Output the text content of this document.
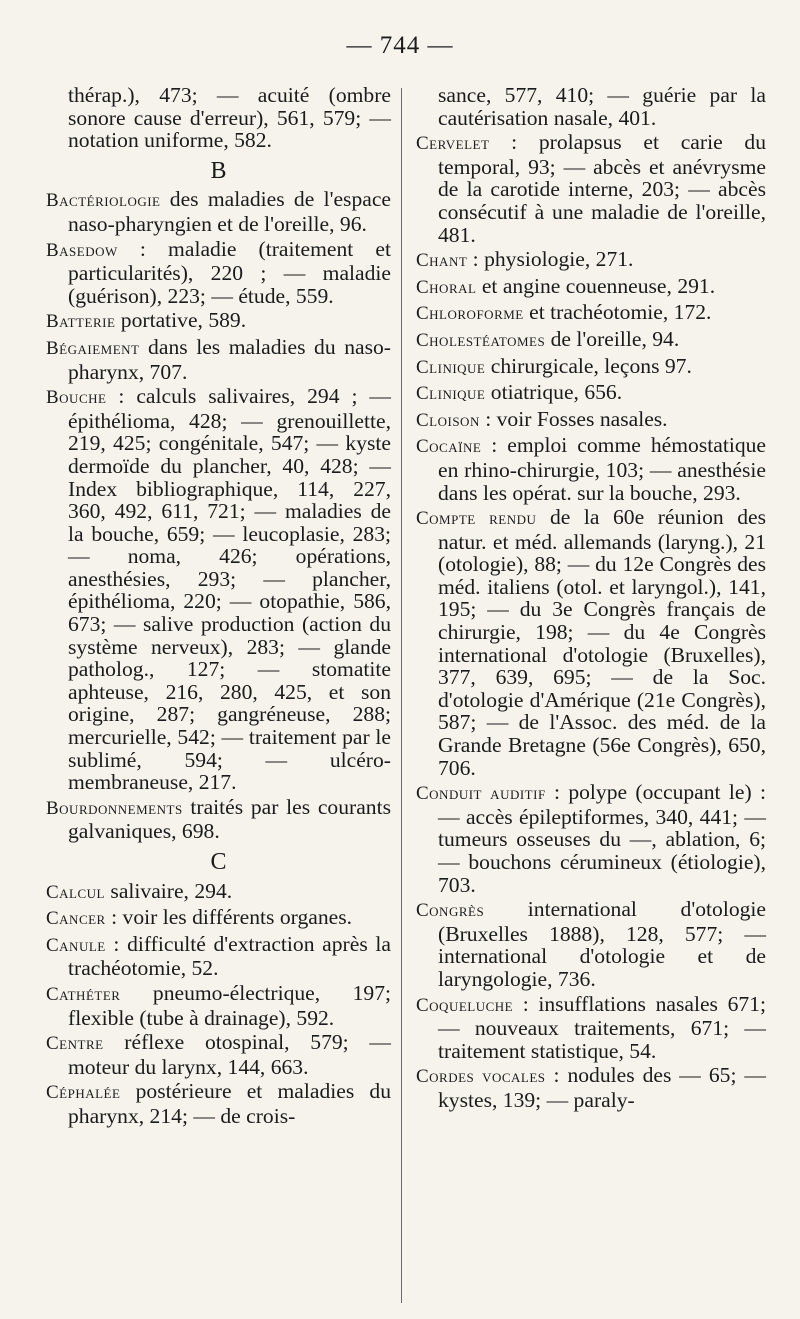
— 744 —
thérap.), 473; — acuité (ombre sonore cause d'erreur), 561, 579; — notation uniforme, 582.
B
Bactériologie des maladies de l'espace naso-pharyngien et de l'oreille, 96.
Basedow : maladie (traitement et particularités), 220 ; — maladie (guérison), 223; — étude, 559.
Batterie portative, 589.
Bégaiement dans les maladies du naso-pharynx, 707.
Bouche : calculs salivaires, 294 ; — épithélioma, 428; — grenouillette, 219, 425; congénitale, 547; — kyste dermoïde du plancher, 40, 428; — Index bibliographique, 114, 227, 360, 492, 611, 721; — maladies de la bouche, 659; — leucoplasie, 283; — noma, 426; opérations, anesthésies, 293; — plancher, épithélioma, 220; — otopathie, 586, 673; — salive production (action du système nerveux), 283; — glande patholog., 127; — stomatite aphteuse, 216, 280, 425, et son origine, 287; gangréneuse, 288; mercurielle, 542; — traitement par le sublimé, 594; — ulcéro-membraneuse, 217.
Bourdonnements traités par les courants galvaniques, 698.
C
Calcul salivaire, 294.
Cancer : voir les différents organes.
Canule : difficulté d'extraction après la trachéotomie, 52.
Cathéter pneumo-électrique, 197; flexible (tube à drainage), 592.
Centre réflexe otospinal, 579; — moteur du larynx, 144, 663.
Céphalée postérieure et maladies du pharynx, 214; — de crois-
sance, 577, 410; — guérie par la cautérisation nasale, 401.
Cervelet : prolapsus et carie du temporal, 93; — abcès et anévrysme de la carotide interne, 203; — abcès consécutif à une maladie de l'oreille, 481.
Chant : physiologie, 271.
Choral et angine couenneuse, 291.
Chloroforme et trachéotomie, 172.
Cholestéatomes de l'oreille, 94.
Clinique chirurgicale, leçons 97.
Clinique otiatrique, 656.
Cloison : voir Fosses nasales.
Cocaïne : emploi comme hémostatique en rhino-chirurgie, 103; — anesthésie dans les opérat. sur la bouche, 293.
Compte rendu de la 60e réunion des natur. et méd. allemands (laryng.), 21 (otologie), 88; — du 12e Congrès des méd. italiens (otol. et laryngol.), 141, 195; — du 3e Congrès français de chirurgie, 198; — du 4e Congrès international d'otologie (Bruxelles), 377, 639, 695; — de la Soc. d'otologie d'Amérique (21e Congrès), 587; — de l'Assoc. des méd. de la Grande Bretagne (56e Congrès), 650, 706.
Conduit auditif : polype (occupant le) : — accès épileptiformes, 340, 441; — tumeurs osseuses du —, ablation, 6; — bouchons cérumineux (étiologie), 703.
Congrès international d'otologie (Bruxelles 1888), 128, 577; — international d'otologie et de laryngologie, 736.
Coqueluche : insufflations nasales 671; — nouveaux traitements, 671; — traitement statistique, 54.
Cordes vocales : nodules des — 65; — kystes, 139; — paraly-
